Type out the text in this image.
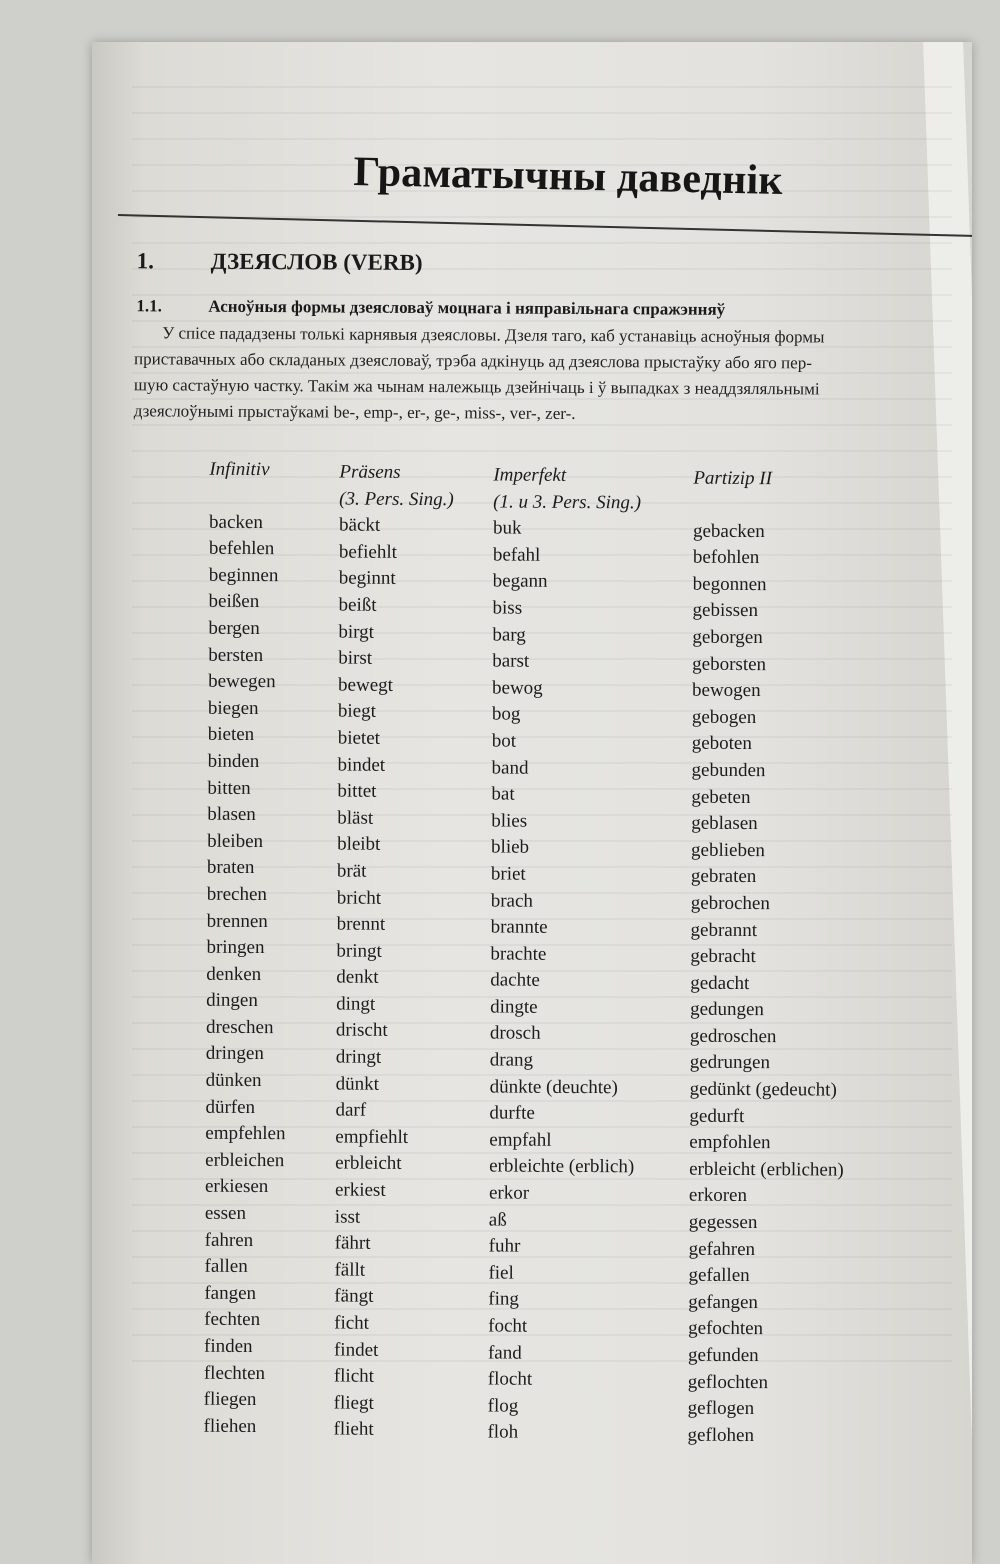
Граматычны даведнік
1. ДЗЕЯСЛОВ (VERB)
1.1.	Асноўныя формы дзеясловаў моцнага і няправільнага спражэнняў

У спісе пададзены толькі карнявыя дзеясловы. Дзеля таго, каб устанавіць асноўныя формы

приставачных або складаных дзеясловаў, трэба адкінуць ад дзеяслова прыстаўку або яго пер-

шую састаўную частку. Такім жа чынам належыць дзейнічаць і ў выпадках з неаддзяляльнымі

дзеяслоўнымі прыстаўкамі be-, emp-, er-, ge-, miss-, ver-, zer-.

Infinitiv
backen
befehlen
beginnen
beißen
bergen
bersten
bewegen
biegen
bieten
binden
bitten
blasen
bleiben
braten
brechen
brennen
bringen
denken
dingen
dreschen
dringen
dünken
dürfen
empfehlen
erbleichen
erkiesen
essen
fahren
fallen
fangen
fechten
finden
flechten
fliegen
fliehen
Präsens
(3. Pers. Sing.)
bäckt
befiehlt
beginnt
beißt
birgt
birst
bewegt
biegt
bietet
bindet
bittet
bläst
bleibt
brät
bricht
brennt
bringt
denkt
dingt
drischt
dringt
dünkt
darf
empfiehlt
erbleicht
erkiest
isst
fährt
fällt
fängt
ficht
findet
flicht
fliegt
flieht
Imperfekt
(1. u 3. Pers. Sing.)
buk
befahl
begann
biss
barg
barst
bewog
bog
bot
band
bat
blies
blieb
briet
brach
brannte
brachte
dachte
dingte
drosch
drang
dünkte (deuchte)
durfte
empfahl
erbleichte (erblich)
erkor
aß
fuhr
fiel
fing
focht
fand
flocht
flog
floh
Partizip II
gebacken
befohlen
begonnen
gebissen
geborgen
geborsten
bewogen
gebogen
geboten
gebunden
gebeten
geblasen
geblieben
gebraten
gebrochen
gebrannt
gebracht
gedacht
gedungen
gedroschen
gedrungen
gedünkt (gedeucht)
gedurft
empfohlen
erbleicht (erblichen)
erkoren
gegessen
gefahren
gefallen
gefangen
gefochten
gefunden
geflochten
geflogen
geflohen
